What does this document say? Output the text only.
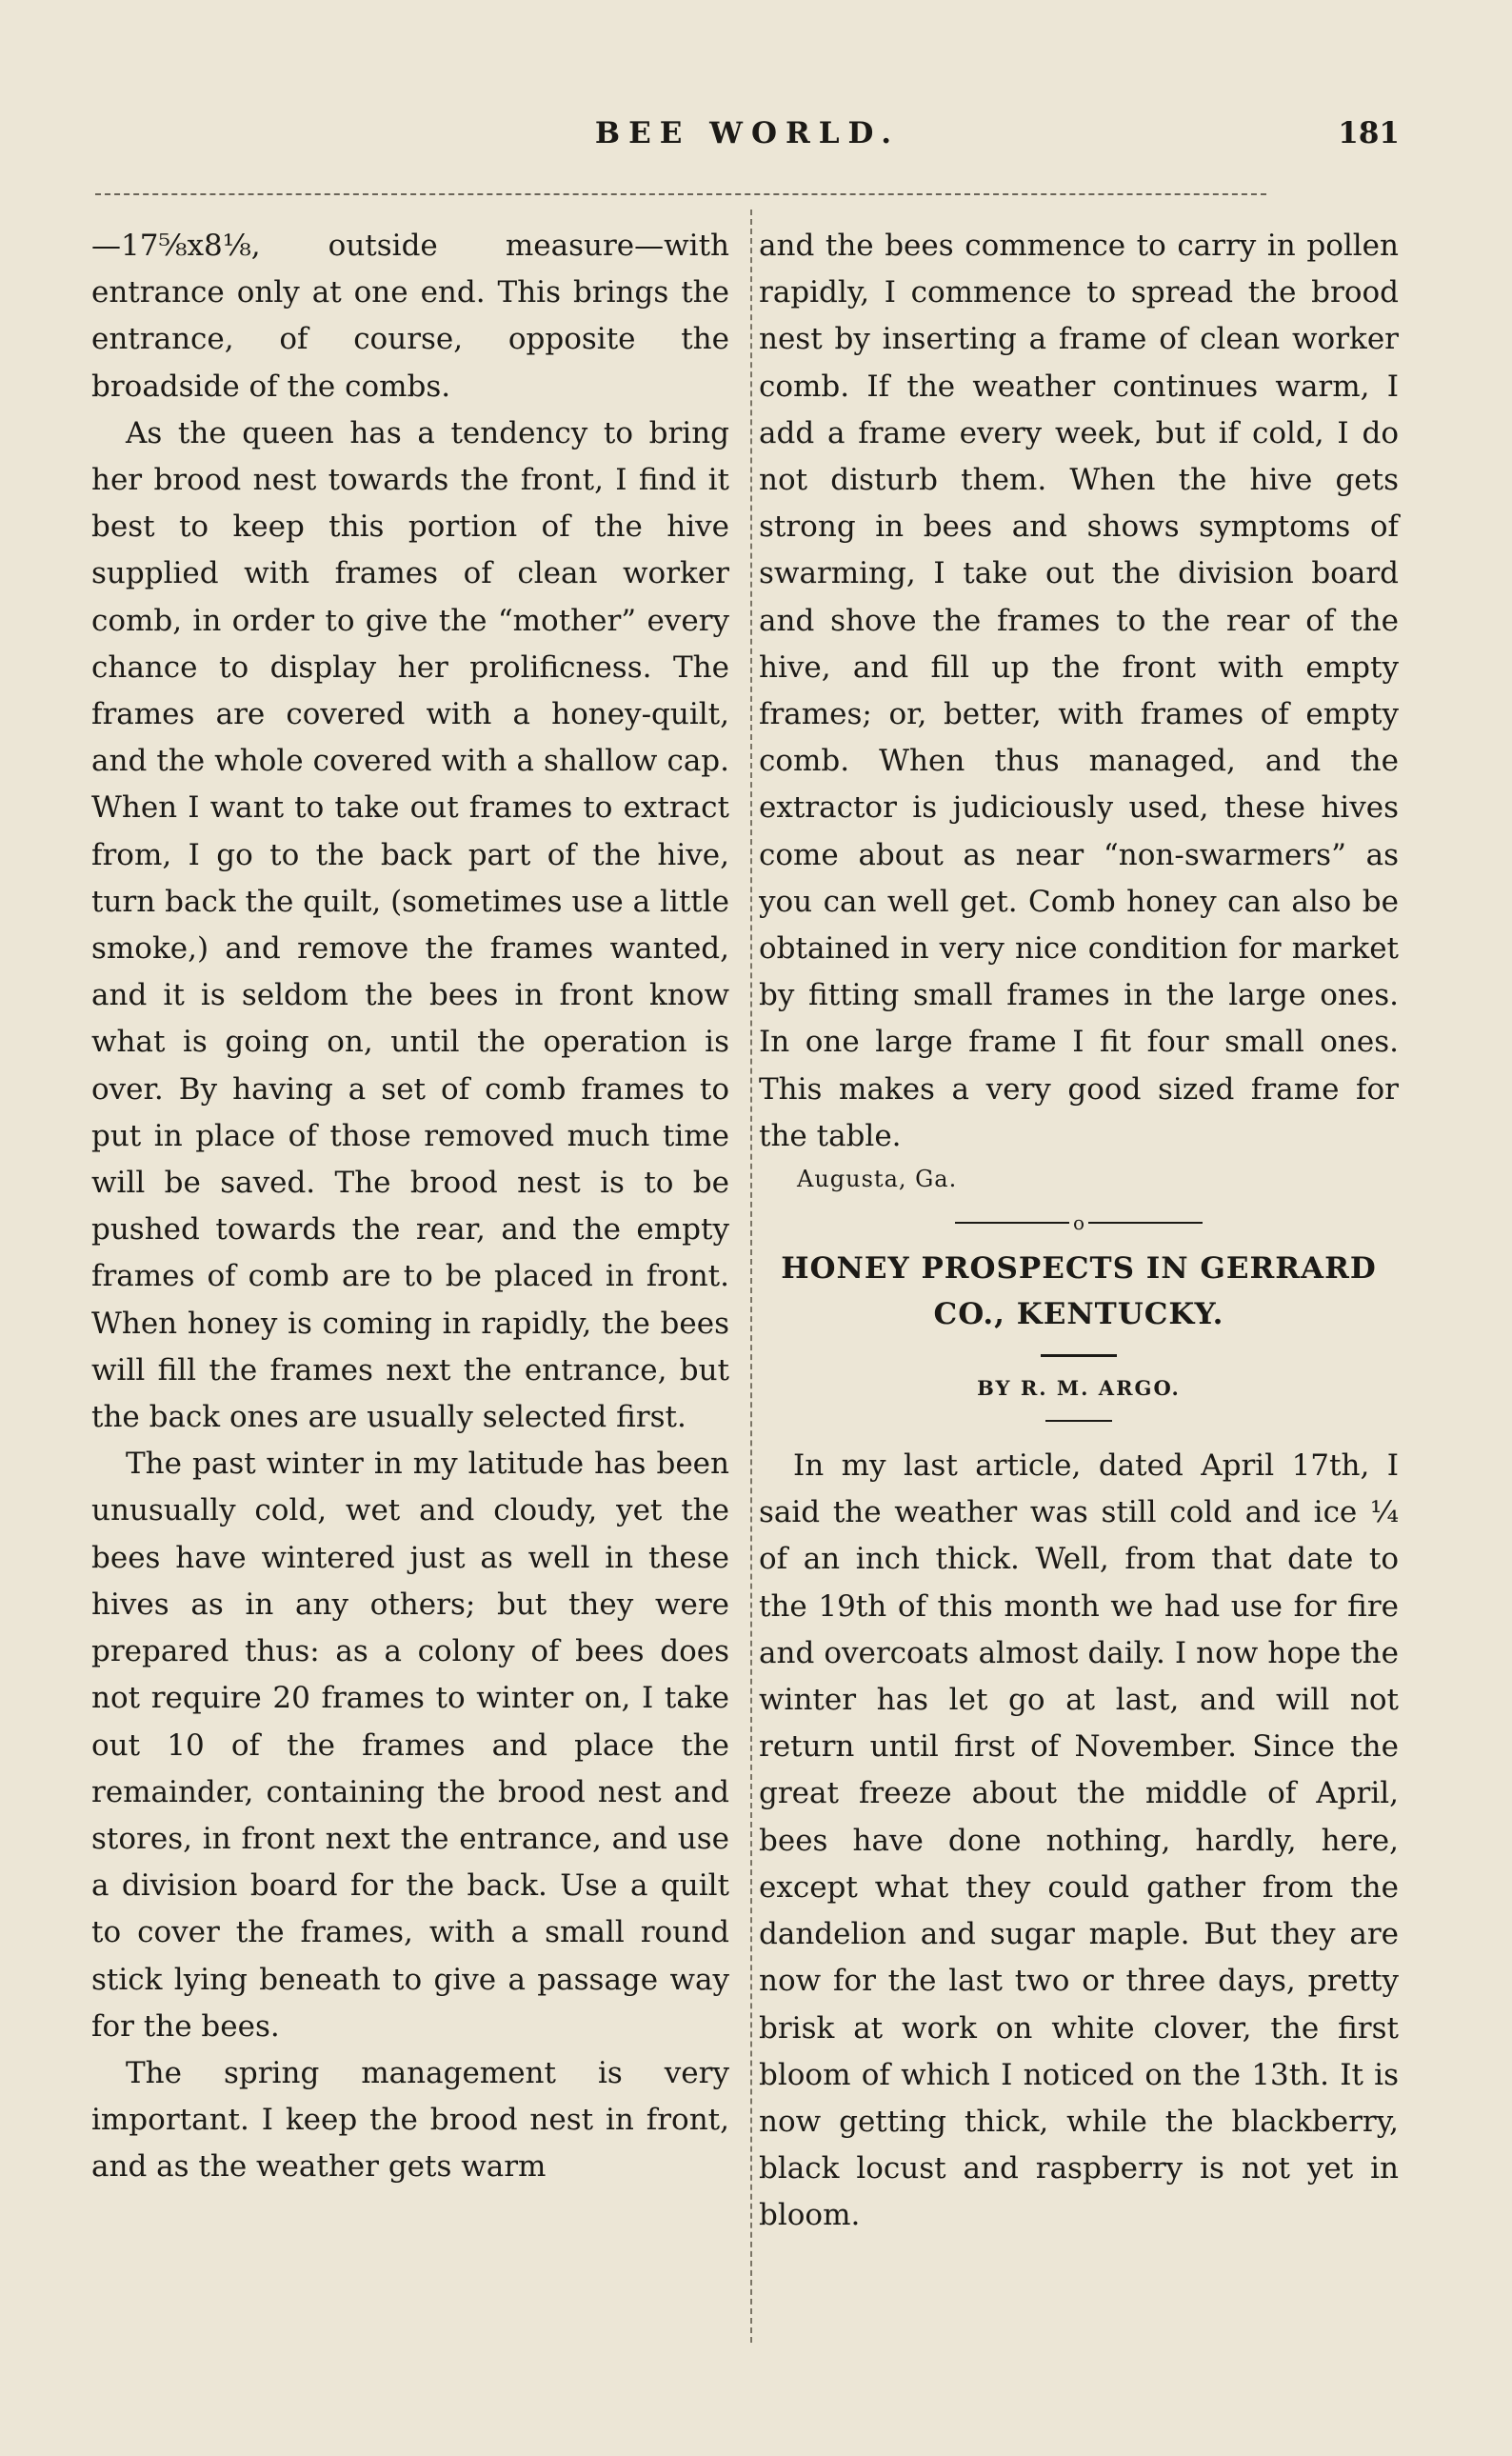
BEE WORLD.	181

—17⅝x8⅛, outside measure—with entrance only at one end. This brings the entrance, of course, opposite the broadside of the combs.

As the queen has a tendency to bring her brood nest towards the front, I find it best to keep this portion of the hive supplied with frames of clean worker comb, in order to give the “mother” every chance to display her prolificness. The frames are covered with a honey-quilt, and the whole covered with a shallow cap. When I want to take out frames to extract from, I go to the back part of the hive, turn back the quilt, (sometimes use a little smoke,) and remove the frames wanted, and it is seldom the bees in front know what is going on, until the operation is over. By having a set of comb frames to put in place of those removed much time will be saved. The brood nest is to be pushed towards the rear, and the empty frames of comb are to be placed in front. When honey is coming in rapidly, the bees will fill the frames next the entrance, but the back ones are usually selected first.

The past winter in my latitude has been unusually cold, wet and cloudy, yet the bees have wintered just as well in these hives as in any others; but they were prepared thus: as a colony of bees does not require 20 frames to winter on, I take out 10 of the frames and place the remainder, containing the brood nest and stores, in front next the entrance, and use a division board for the back. Use a quilt to cover the frames, with a small round stick lying beneath to give a passage way for the bees.

The spring management is very important. I keep the brood nest in front, and as the weather gets warm

and the bees commence to carry in pollen rapidly, I commence to spread the brood nest by inserting a frame of clean worker comb. If the weather continues warm, I add a frame every week, but if cold, I do not disturb them. When the hive gets strong in bees and shows symptoms of swarming, I take out the division board and shove the frames to the rear of the hive, and fill up the front with empty frames; or, better, with frames of empty comb. When thus managed, and the extractor is judiciously used, these hives come about as near “non-swarmers” as you can well get. Comb honey can also be obtained in very nice condition for market by fitting small frames in the large ones. In one large frame I fit four small ones. This makes a very good sized frame for the table.

Augusta, Ga.
o
HONEY PROSPECTS IN GERRARD CO., KENTUCKY.
BY R. M. ARGO.

In my last article, dated April 17th, I said the weather was still cold and ice ¼ of an inch thick. Well, from that date to the 19th of this month we had use for fire and overcoats almost daily. I now hope the winter has let go at last, and will not return until first of November. Since the great freeze about the middle of April, bees have done nothing, hardly, here, except what they could gather from the dandelion and sugar maple. But they are now for the last two or three days, pretty brisk at work on white clover, the first bloom of which I noticed on the 13th. It is now getting thick, while the blackberry, black locust and raspberry is not yet in bloom.
